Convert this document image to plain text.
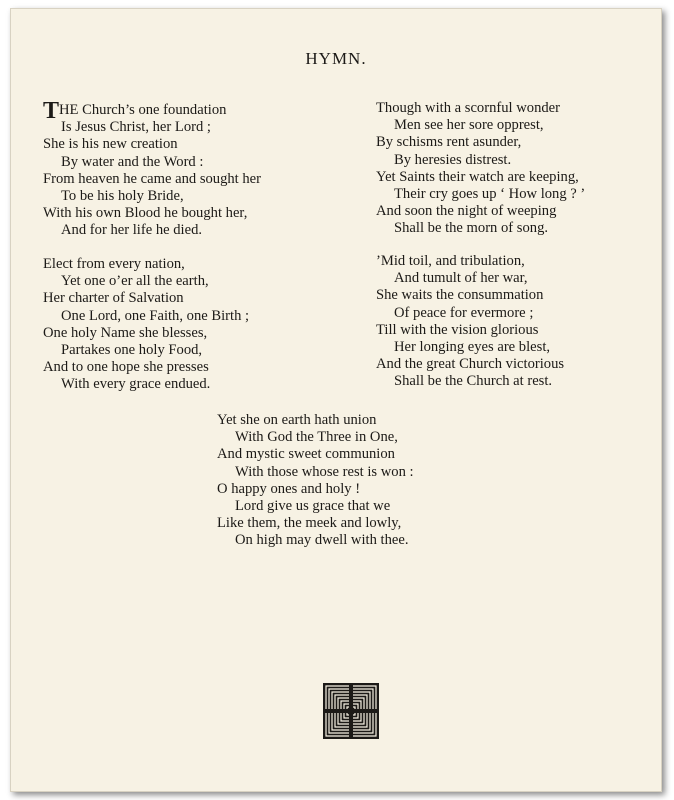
HYMN.
THE Church’s one foundation
Is Jesus Christ, her Lord ;
She is his new creation
By water and the Word :
From heaven he came and sought her
To be his holy Bride,
With his own Blood he bought her,
And for her life he died.
Elect from every nation,
Yet one o’er all the earth,
Her charter of Salvation
One Lord, one Faith, one Birth ;
One holy Name she blesses,
Partakes one holy Food,
And to one hope she presses
With every grace endued.
Though with a scornful wonder
Men see her sore opprest,
By schisms rent asunder,
By heresies distrest.
Yet Saints their watch are keeping,
Their cry goes up ‘ How long ? ’
And soon the night of weeping
Shall be the morn of song.
’Mid toil, and tribulation,
And tumult of her war,
She waits the consummation
Of peace for evermore ;
Till with the vision glorious
Her longing eyes are blest,
And the great Church victorious
Shall be the Church at rest.
Yet she on earth hath union
With God the Three in One,
And mystic sweet communion
With those whose rest is won :
O happy ones and holy !
Lord give us grace that we
Like them, the meek and lowly,
On high may dwell with thee.
